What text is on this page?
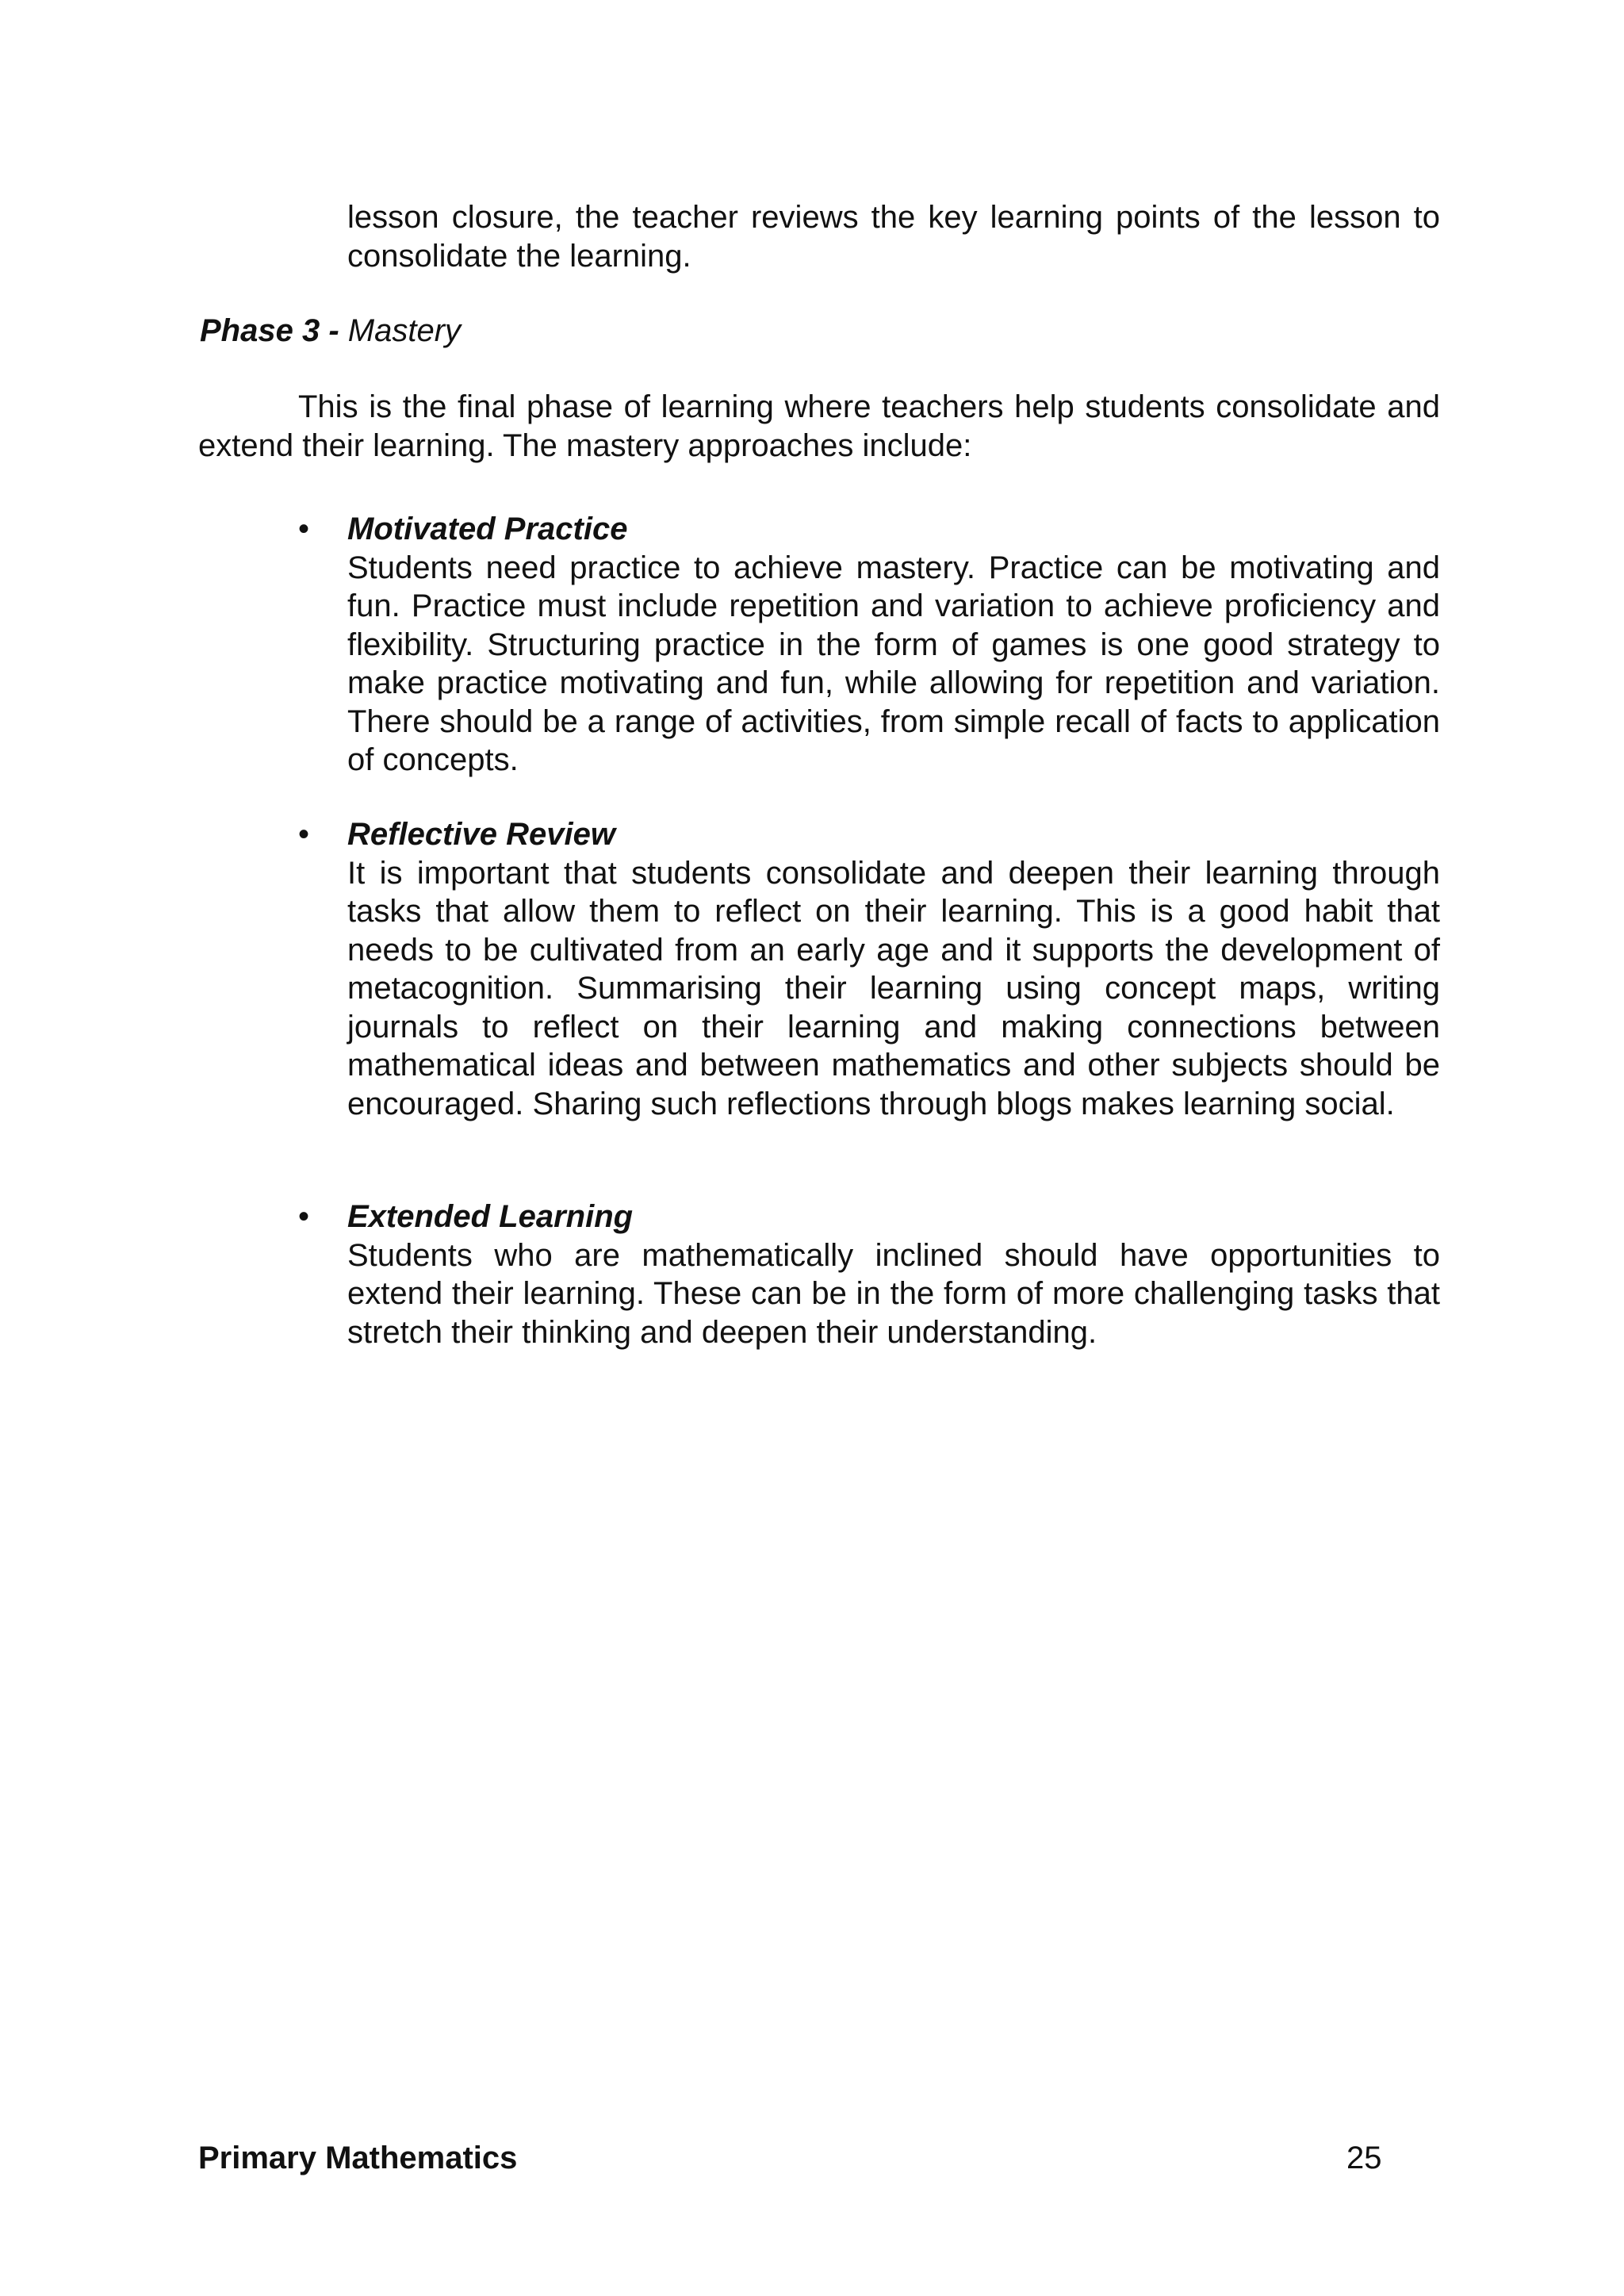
lesson closure, the teacher reviews the key learning points of the lesson to consolidate the learning.

Phase 3 - Mastery

This is the final phase of learning where teachers help students consolidate and extend their learning. The mastery approaches include:

• Motivated Practice
Students need practice to achieve mastery. Practice can be motivating and fun. Practice must include repetition and variation to achieve proficiency and flexibility. Structuring practice in the form of games is one good strategy to make practice motivating and fun, while allowing for repetition and variation. There should be a range of activities, from simple recall of facts to application of concepts.
• Reflective Review
It is important that students consolidate and deepen their learning through tasks that allow them to reflect on their learning. This is a good habit that needs to be cultivated from an early age and it supports the development of metacognition. Summarising their learning using concept maps, writing journals to reflect on their learning and making connections between mathematical ideas and between mathematics and other subjects should be encouraged. Sharing such reflections through blogs makes learning social.
• Extended Learning
Students who are mathematically inclined should have opportunities to extend their learning. These can be in the form of more challenging tasks that stretch their thinking and deepen their understanding.
Primary Mathematics	25
